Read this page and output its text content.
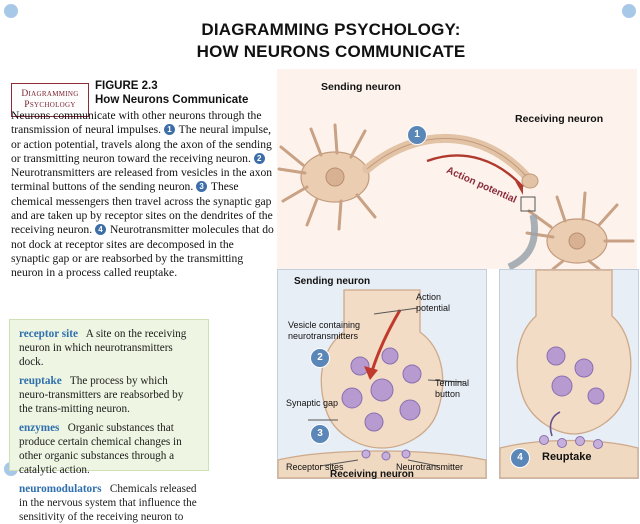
DIAGRAMMING PSYCHOLOGY:
HOW NEURONS COMMUNICATE
Diagramming
Psychology
FIGURE 2.3
How Neurons Communicate
Neurons communicate with other neurons through the transmission of neural impulses. 1 The neural impulse, or action potential, travels along the axon of the sending or transmitting neuron toward the receiving neuron. 2 Neurotransmitters are released from vesicles in the axon terminal buttons of the sending neuron. 3 These chemical messengers then travel across the synaptic gap and are taken up by receptor sites on the dendrites of the receiving neuron. 4 Neurotransmitter molecules that do not dock at receptor sites are decomposed in the synaptic gap or are reabsorbed by the transmitting neuron in a process called reuptake.

receptor site A site on the receiving neuron in which neurotransmitters dock.

reuptake The process by which neuro-transmitters are reabsorbed by the trans-mitting neuron.

enzymes Organic substances that produce certain chemical changes in other organic substances through a catalytic action.

neuromodulators Chemicals released in the nervous system that influence the sensitivity of the receiving neuron to

Sending neuron
Receiving neuron
Action potential
1
Sending neuron
Action
potential
Vesicle containing
neurotransmitters
Synaptic gap
Receptor sites
Terminal
button
Neurotransmitter
Receiving neuron
2
3
4	Reuptake
